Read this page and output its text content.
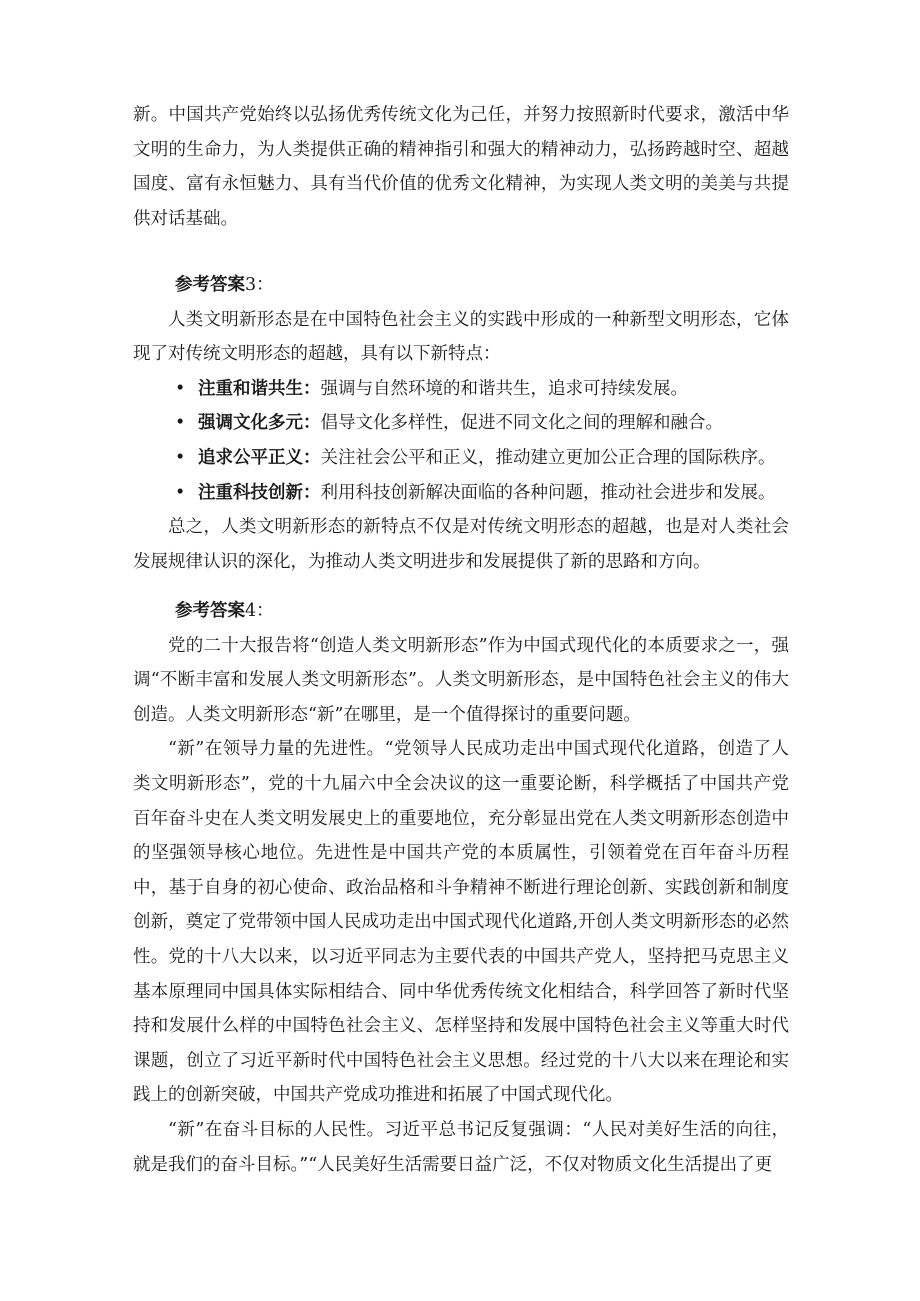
新。中国共产党始终以弘扬优秀传统文化为己任，并努力按照新时代要求，激活中华文明的生命力，为人类提供正确的精神指引和强大的精神动力，弘扬跨越时空、超越国度、富有永恒魅力、具有当代价值的优秀文化精神，为实现人类文明的美美与共提供对话基础。

参考答案3：

人类文明新形态是在中国特色社会主义的实践中形成的一种新型文明形态，它体现了对传统文明形态的超越，具有以下新特点：

• 注重和谐共生：强调与自然环境的和谐共生，追求可持续发展。
• 强调文化多元：倡导文化多样性，促进不同文化之间的理解和融合。
• 追求公平正义：关注社会公平和正义，推动建立更加公正合理的国际秩序。
• 注重科技创新：利用科技创新解决面临的各种问题，推动社会进步和发展。

总之，人类文明新形态的新特点不仅是对传统文明形态的超越，也是对人类社会发展规律认识的深化，为推动人类文明进步和发展提供了新的思路和方向。

参考答案4：

党的二十大报告将“创造人类文明新形态”作为中国式现代化的本质要求之一，强调“不断丰富和发展人类文明新形态”。人类文明新形态，是中国特色社会主义的伟大创造。人类文明新形态“新”在哪里，是一个值得探讨的重要问题。

“新”在领导力量的先进性。“党领导人民成功走出中国式现代化道路，创造了人类文明新形态”，党的十九届六中全会决议的这一重要论断，科学概括了中国共产党百年奋斗史在人类文明发展史上的重要地位，充分彰显出党在人类文明新形态创造中的坚强领导核心地位。先进性是中国共产党的本质属性，引领着党在百年奋斗历程中，基于自身的初心使命、政治品格和斗争精神不断进行理论创新、实践创新和制度创新，奠定了党带领中国人民成功走出中国式现代化道路,开创人类文明新形态的必然性。党的十八大以来，以习近平同志为主要代表的中国共产党人，坚持把马克思主义基本原理同中国具体实际相结合、同中华优秀传统文化相结合，科学回答了新时代坚持和发展什么样的中国特色社会主义、怎样坚持和发展中国特色社会主义等重大时代课题，创立了习近平新时代中国特色社会主义思想。经过党的十八大以来在理论和实践上的创新突破，中国共产党成功推进和拓展了中国式现代化。

“新”在奋斗目标的人民性。习近平总书记反复强调：“人民对美好生活的向往，就是我们的奋斗目标。”“人民美好生活需要日益广泛，不仅对物质文化生活提出了更
